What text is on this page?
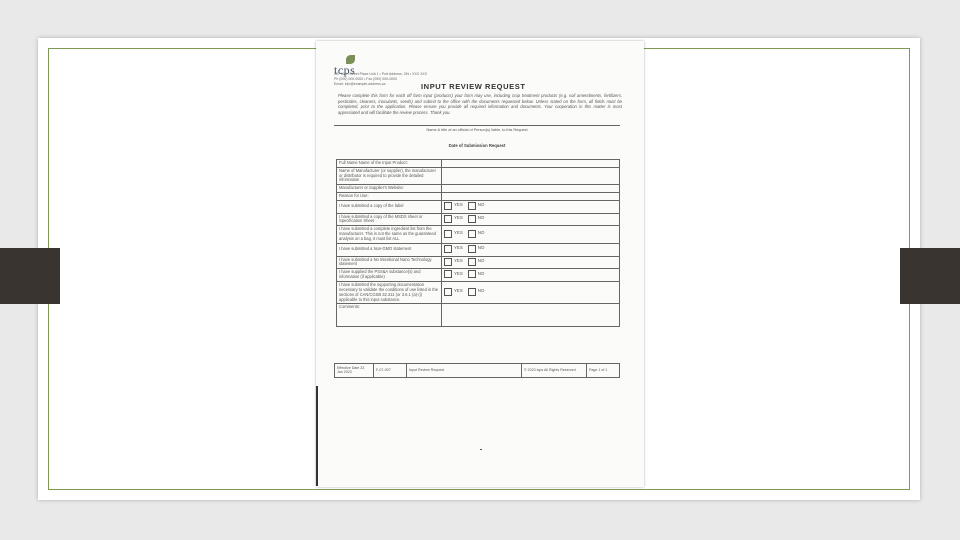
tcps
227 Main Street Place Unit 1 • Port Address, ON • XXX XXX
Ph (000) 000-0000 • Fax (000) 000-0000
Email: info@example-address.ca	INPUT REVIEW REQUEST
Please complete this form for each off farm input (products) your farm may use, including crop treatment products (e.g. soil amendments, fertilizers, pesticides, cleaners, inoculants, seeds) and submit to the office with the documents requested below. Unless stated on the form, all fields must be completed, prior to the application. Please ensure you provide all required information and documents. Your cooperation in this matter is most appreciated and will facilitate the review process. Thank you.
Name & title of an official of Person(s) liable, to this Request
Date of Submission Request
Full Name Name of the Input Product:	
Name of Manufacturer (or supplier), the manufacturer or distributor is required to provide the detailed information	
Manufacturer or Supplier's Website:	
Reason for Use:	
I have submitted a copy of the label	YES NO

I have submitted a copy of the MSDS sheet or Specification Sheet	YES NO

I have submitted a complete ingredient list from the manufacturer. This is not the same as the guaranteed analysis on a bag, it must list ALL	YES NO

I have submitted a Non-GMO statement	YES NO

I have submitted a No Intentional Nano Technology statement	YES NO

I have supplied the PSS&A substance(s) and information (if applicable)	YES NO

I have submitted the supporting documentation necessary to validate the conditions of use listed in the sections of CAN/CGSB 32.311 (or 3.6.1 (a)-(i) applicable to this input substance.	YES NO

Comments:	
Effective Date 23 Jan 2023	F-07-007	Input Review Request	© 2023 tcps All Rights Reserved	Page 1 of 1
